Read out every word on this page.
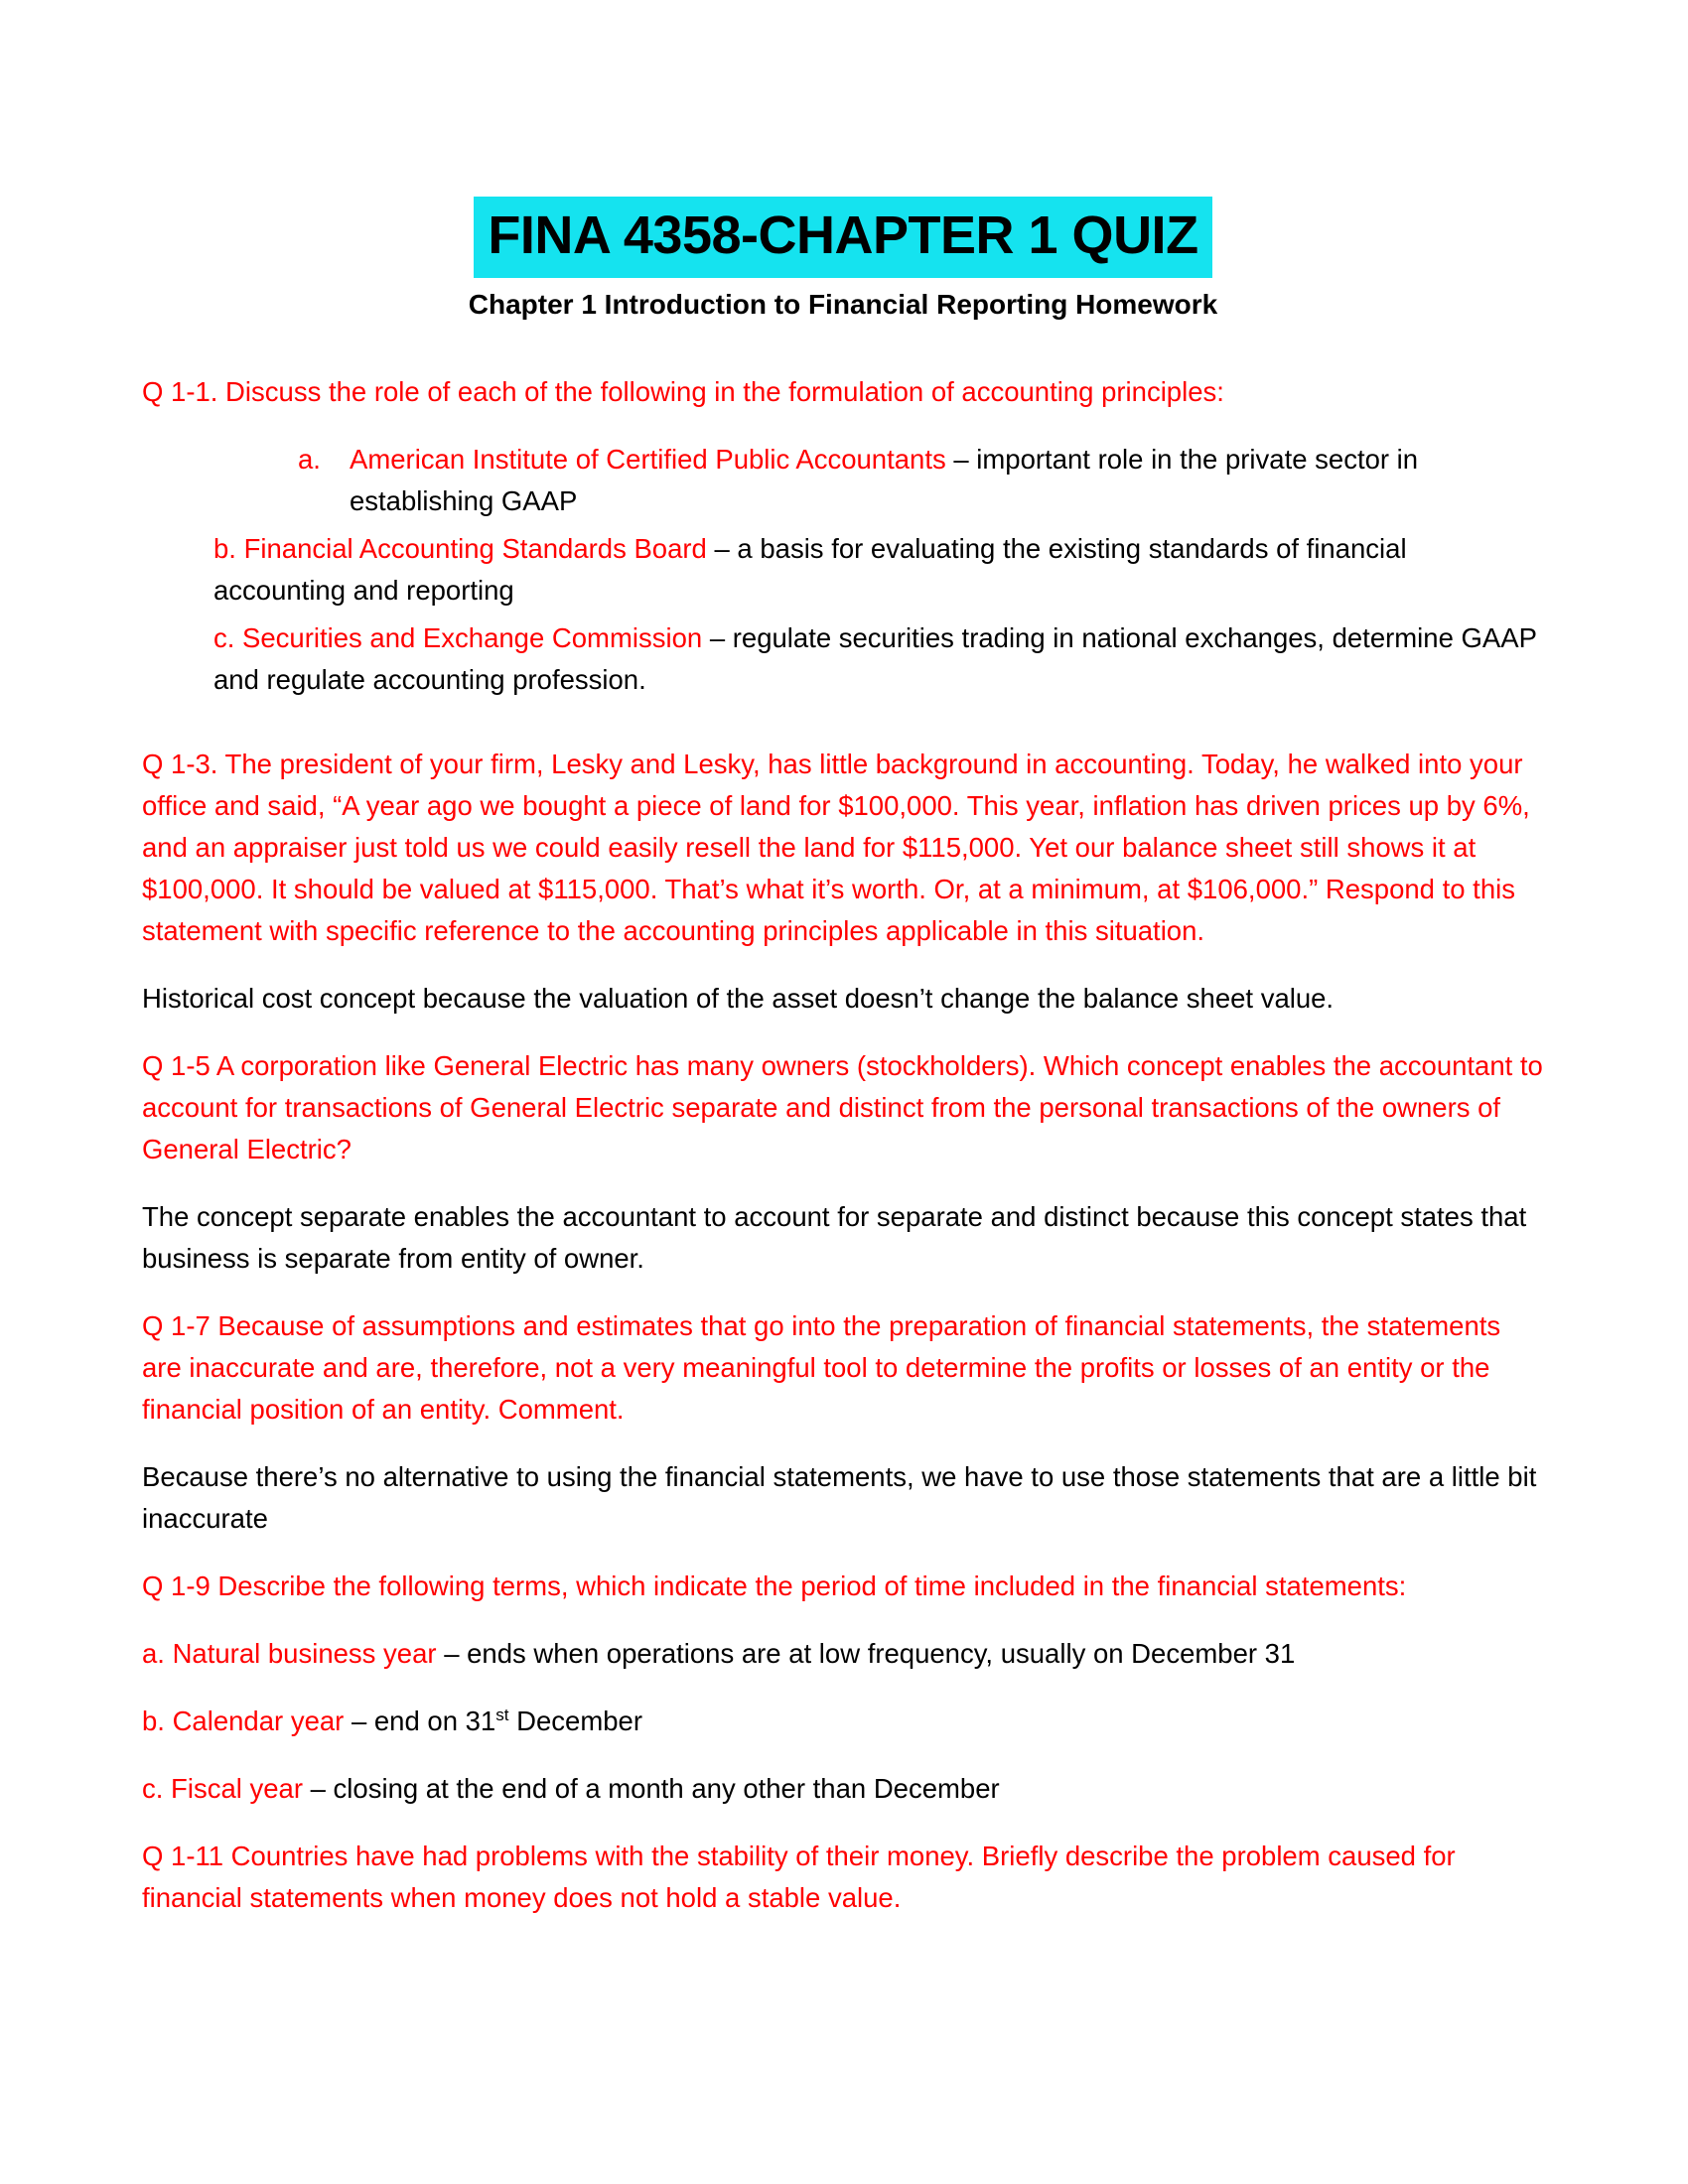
FINA 4358-CHAPTER 1 QUIZ
Chapter 1 Introduction to Financial Reporting Homework

Q 1-1. Discuss the role of each of the following in the formulation of accounting principles:

a.	American Institute of Certified Public Accountants – important role in the private sector in establishing GAAP

b. Financial Accounting Standards Board – a basis for evaluating the existing standards of financial accounting and reporting

c. Securities and Exchange Commission – regulate securities trading in national exchanges, determine GAAP and regulate accounting profession.

Q 1-3. The president of your firm, Lesky and Lesky, has little background in accounting. Today, he walked into your office and said, “A year ago we bought a piece of land for $100,000. This year, inflation has driven prices up by 6%, and an appraiser just told us we could easily resell the land for $115,000. Yet our balance sheet still shows it at $100,000. It should be valued at $115,000. That’s what it’s worth. Or, at a minimum, at $106,000.” Respond to this statement with specific reference to the accounting principles applicable in this situation.

Historical cost concept because the valuation of the asset doesn’t change the balance sheet value.

Q 1-5 A corporation like General Electric has many owners (stockholders). Which concept enables the accountant to account for transactions of General Electric separate and distinct from the personal transactions of the owners of General Electric?

The concept separate enables the accountant to account for separate and distinct because this concept states that business is separate from entity of owner.

Q 1-7 Because of assumptions and estimates that go into the preparation of financial statements, the statements are inaccurate and are, therefore, not a very meaningful tool to determine the profits or losses of an entity or the financial position of an entity. Comment.

Because there’s no alternative to using the financial statements, we have to use those statements that are a little bit inaccurate

Q 1-9 Describe the following terms, which indicate the period of time included in the financial statements:

a. Natural business year – ends when operations are at low frequency, usually on December 31

b. Calendar year – end on 31st December

c. Fiscal year – closing at the end of a month any other than December

Q 1-11 Countries have had problems with the stability of their money. Briefly describe the problem caused for financial statements when money does not hold a stable value.
